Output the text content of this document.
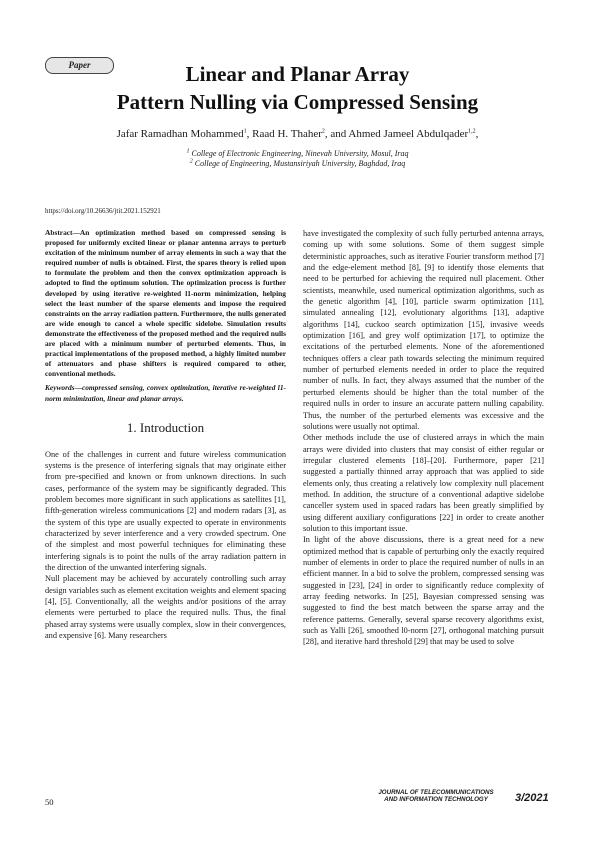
Paper	Linear and Planar Array
Pattern Nulling via Compressed Sensing
Jafar Ramadhan Mohammed$^1$, Raad H. Thaher$^2$, and Ahmed Jameel Abdulqader$^{1,2}$,
$^1$ College of Electronic Engineering, Ninevah University, Mosul, Iraq
$^2$ College of Engineering, Mustansiriyah University, Baghdad, Iraq
https://doi.org/10.26636/jtit.2021.152921

Abstract—An optimization method based on compressed sensing is proposed for uniformly excited linear or planar antenna arrays to perturb excitation of the minimum number of array elements in such a way that the required number of nulls is obtained. First, the spares theory is relied upon to formulate the problem and then the convex optimization approach is adopted to find the optimum solution. The optimization process is further developed by using iterative re-weighted l1-norm minimization, helping select the least number of the sparse elements and impose the required constraints on the array radiation pattern. Furthermore, the nulls generated are wide enough to cancel a whole specific sidelobe. Simulation results demonstrate the effectiveness of the proposed method and the required nulls are placed with a minimum number of perturbed elements. Thus, in practical implementations of the proposed method, a highly limited number of attenuators and phase shifters is required compared to other, conventional methods.

Keywords—compressed sensing, convex optimization, iterative re-weighted l1- norm minimization, linear and planar arrays.

1. Introduction

One of the challenges in current and future wireless communication systems is the presence of interfering signals that may originate either from pre-specified and known or from unknown directions. In such cases, performance of the system may be significantly degraded. This problem becomes more significant in such applications as satellites [1], fifth-generation wireless communications [2] and modern radars [3], as the system of this type are usually expected to operate in environments characterized by sever interference and a very crowded spectrum. One of the simplest and most powerful techniques for eliminating these interfering signals is to point the nulls of the array radiation pattern in the direction of the unwanted interfering signals.

Null placement may be achieved by accurately controlling such array design variables such as element excitation weights and element spacing [4], [5]. Conventionally, all the weights and/or positions of the array elements were perturbed to place the required nulls. Thus, the final phased array systems were usually complex, slow in their convergences, and expensive [6]. Many researchers

have investigated the complexity of such fully perturbed antenna arrays, coming up with some solutions. Some of them suggest simple deterministic approaches, such as iterative Fourier transform method [7] and the edge-element method [8], [9] to identify those elements that need to be perturbed for achieving the required null placement. Other scientists, meanwhile, used numerical optimization algorithms, such as the genetic algorithm [4], [10], particle swarm optimization [11], simulated annealing [12], evolutionary algorithms [13], adaptive algorithms [14], cuckoo search optimization [15], invasive weeds optimization [16], and grey wolf optimization [17], to optimize the excitations of the perturbed elements. None of the aforementioned techniques offers a clear path towards selecting the minimum required number of perturbed elements needed in order to place the required number of nulls. In fact, they always assumed that the number of the perturbed elements should be higher than the total number of the required nulls in order to insure an accurate pattern nulling capability. Thus, the number of the perturbed elements was excessive and the solutions were usually not optimal.

Other methods include the use of clustered arrays in which the main arrays were divided into clusters that may consist of either regular or irregular clustered elements [18]–[20]. Furthermore, paper [21] suggested a partially thinned array approach that was applied to side elements only, thus creating a relatively low complexity null placement method. In addition, the structure of a conventional adaptive sidelobe canceller system used in spaced radars has been greatly simplified by using different auxiliary configurations [22] in order to create another solution to this important issue.

In light of the above discussions, there is a great need for a new optimized method that is capable of perturbing only the exactly required number of elements in order to place the required number of nulls in an efficient manner. In a bid to solve the problem, compressed sensing was suggested in [23], [24] in order to significantly reduce complexity of array feeding networks. In [25], Bayesian compressed sensing was suggested to find the best match between the sparse array and the reference patterns. Generally, several sparse recovery algorithms exist, such as Yalli [26], smoothed l0-norm [27], orthogonal matching pursuit [28], and iterative hard threshold [29] that may be used to solve

50
JOURNAL OF TELECOMMUNICATIONS
AND INFORMATION TECHNOLOGY	3/2021
